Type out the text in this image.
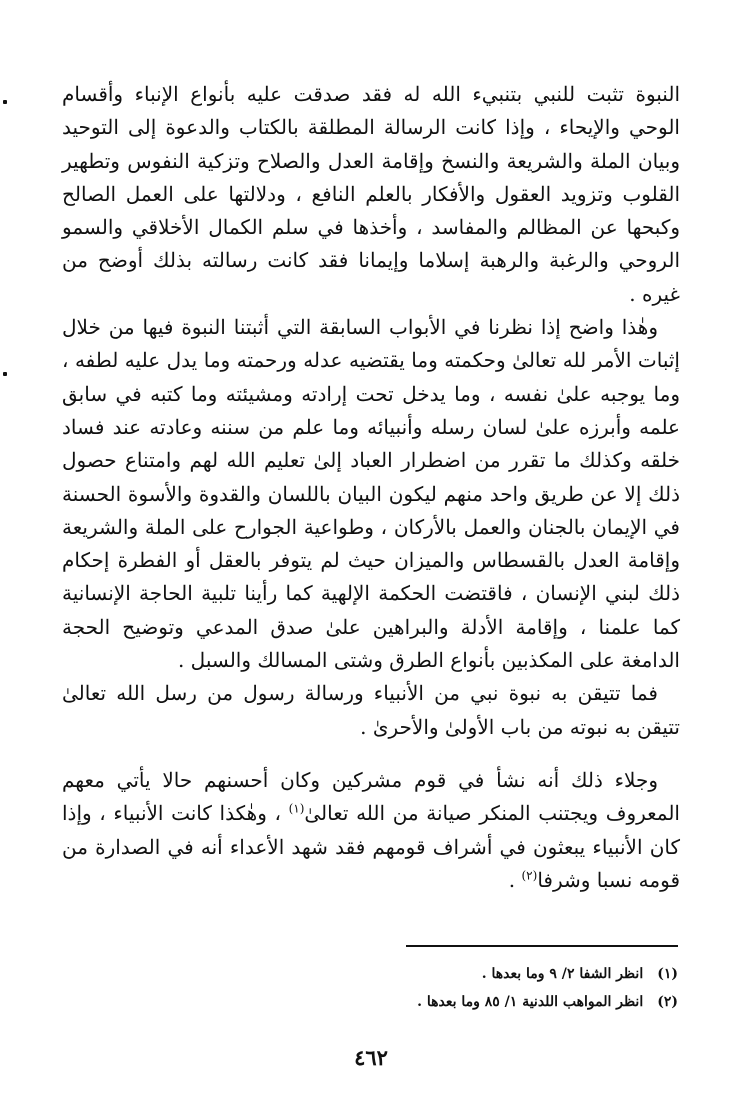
النبوة تثبت للنبي بتنبيء الله له فقد صدقت عليه بأنواع الإنباء وأقسام الوحي والإيحاء ، وإذا كانت الرسالة المطلقة بالكتاب والدعوة إلى التوحيد وبيان الملة والشريعة والنسخ وإقامة العدل والصلاح وتزكية النفوس وتطهير القلوب وتزويد العقول والأفكار بالعلم النافع ، ودلالتها على العمل الصالح وكبحها عن المظالم والمفاسد ، وأخذها في سلم الكمال الأخلاقي والسمو الروحي والرغبة والرهبة إسلاما وإيمانا فقد كانت رسالته بذلك أوضح من غيره .

وهٰذا واضح إذا نظرنا في الأبواب السابقة التي أثبتنا النبوة فيها من خلال إثبات الأمر لله تعالىٰ وحكمته وما يقتضيه عدله ورحمته وما يدل عليه لطفه ، وما يوجبه علىٰ نفسه ، وما يدخل تحت إرادته ومشيئته وما كتبه في سابق علمه وأبرزه علىٰ لسان رسله وأنبيائه وما علم من سننه وعادته عند فساد خلقه وكذلك ما تقرر من اضطرار العباد إلىٰ تعليم الله لهم وامتناع حصول ذلك إلا عن طريق واحد منهم ليكون البيان باللسان والقدوة والأسوة الحسنة في الإيمان بالجنان والعمل بالأركان ، وطواعية الجوارح على الملة والشريعة وإقامة العدل بالقسطاس والميزان حيث لم يتوفر بالعقل أو الفطرة إحكام ذلك لبني الإنسان ، فاقتضت الحكمة الإلهية كما رأينا تلبية الحاجة الإنسانية كما علمنا ، وإقامة الأدلة والبراهين علىٰ صدق المدعي وتوضيح الحجة الدامغة على المكذبين بأنواع الطرق وشتى المسالك والسبل .

فما تتيقن به نبوة نبي من الأنبياء ورسالة رسول من رسل الله تعالىٰ تتيقن به نبوته من باب الأولىٰ والأحرىٰ .

وجلاء ذلك أنه نشأ في قوم مشركين وكان أحسنهم حالا يأتي معهم المعروف ويجتنب المنكر صيانة من الله تعالىٰ$^{(١)}$ ، وهٰكذا كانت الأنبياء ، وإذا كان الأنبياء يبعثون في أشراف قومهم فقد شهد الأعداء أنه في الصدارة من قومه نسبا وشرفا$^{(٢)}$ .

(١)انظر الشفا ٢/ ٩ وما بعدها .

(٢)انظر المواهب اللدنية ١/ ٨٥ وما بعدها .

٤٦٢
